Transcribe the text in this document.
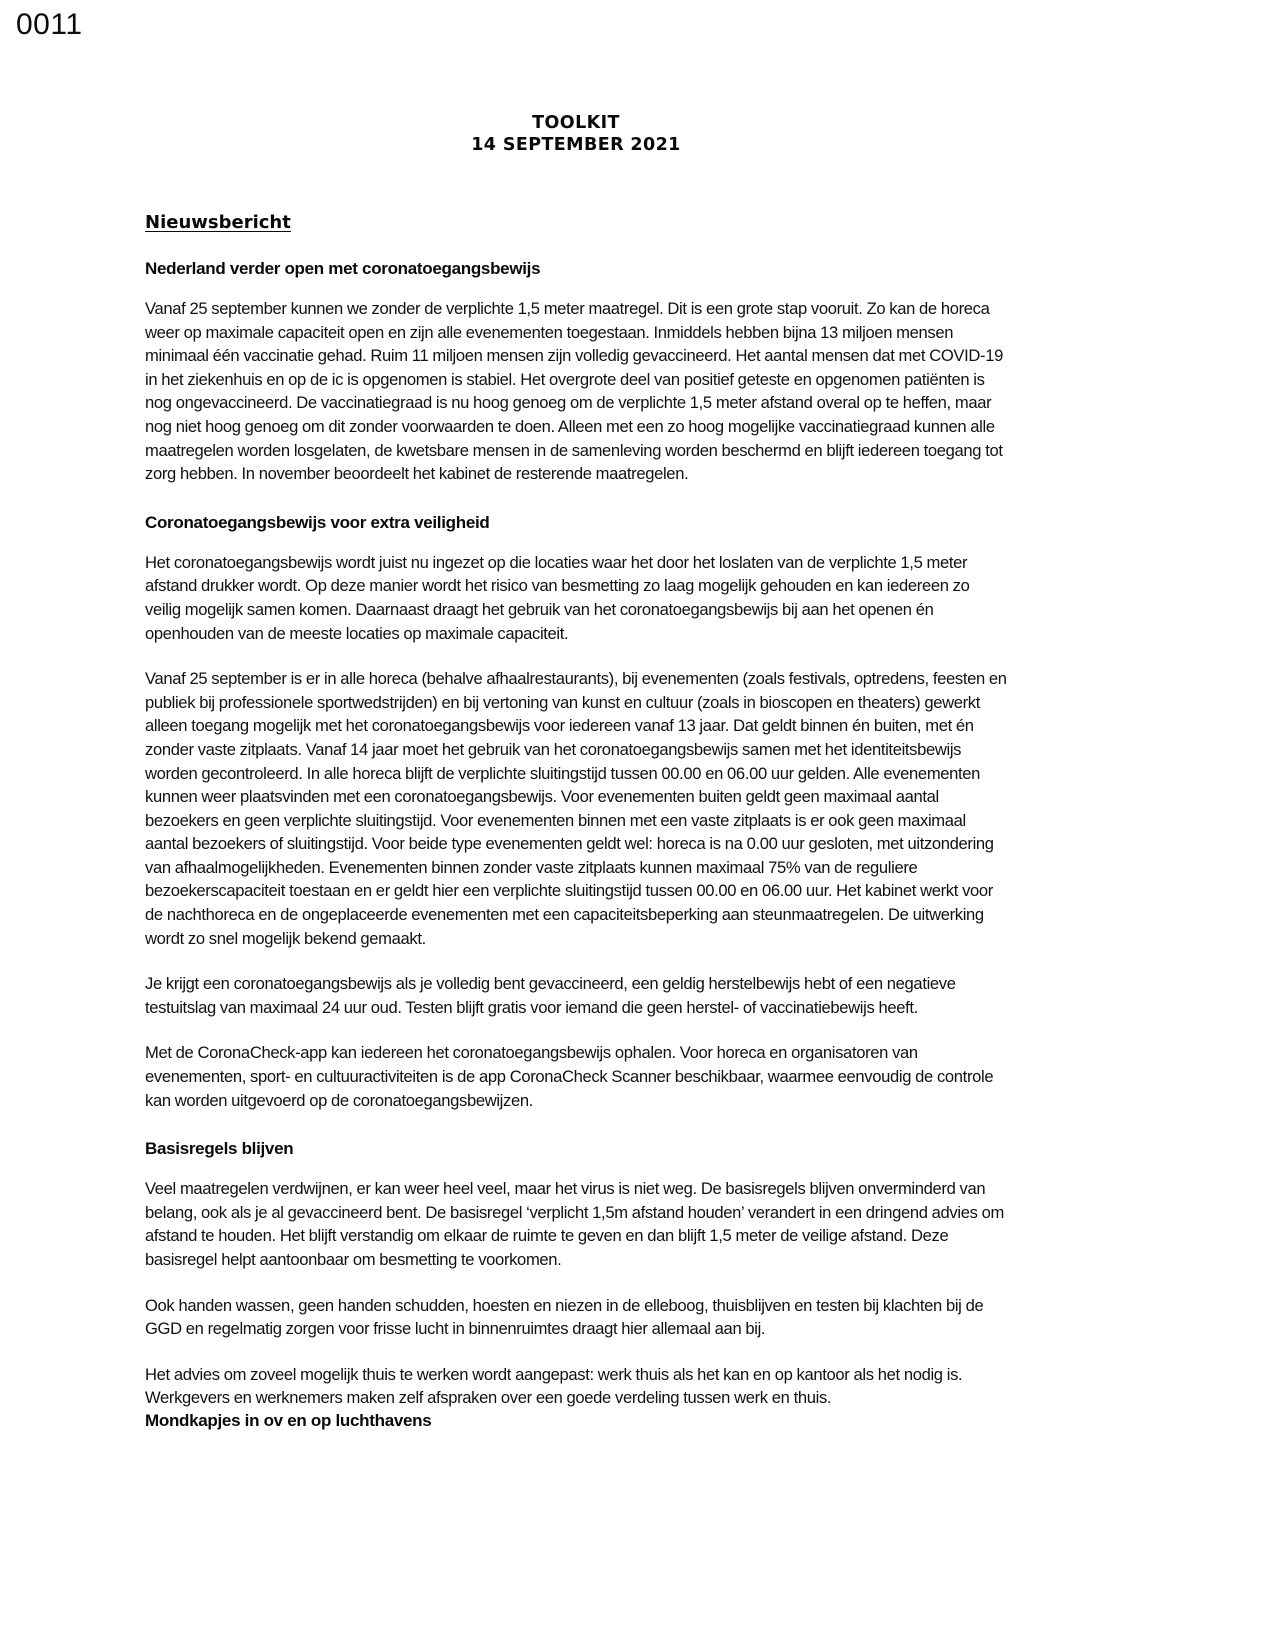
0011
TOOLKIT
14 SEPTEMBER 2021
Nieuwsbericht
Nederland verder open met coronatoegangsbewijs

Vanaf 25 september kunnen we zonder de verplichte 1,5 meter maatregel. Dit is een grote stap vooruit. Zo kan de horeca weer op maximale capaciteit open en zijn alle evenementen toegestaan. Inmiddels hebben bijna 13 miljoen mensen minimaal één vaccinatie gehad. Ruim 11 miljoen mensen zijn volledig gevaccineerd. Het aantal mensen dat met COVID-19 in het ziekenhuis en op de ic is opgenomen is stabiel. Het overgrote deel van positief geteste en opgenomen patiënten is nog ongevaccineerd. De vaccinatiegraad is nu hoog genoeg om de verplichte 1,5 meter afstand overal op te heffen, maar nog niet hoog genoeg om dit zonder voorwaarden te doen. Alleen met een zo hoog mogelijke vaccinatiegraad kunnen alle maatregelen worden losgelaten, de kwetsbare mensen in de samenleving worden beschermd en blijft iedereen toegang tot zorg hebben. In november beoordeelt het kabinet de resterende maatregelen.

Coronatoegangsbewijs voor extra veiligheid

Het coronatoegangsbewijs wordt juist nu ingezet op die locaties waar het door het loslaten van de verplichte 1,5 meter afstand drukker wordt. Op deze manier wordt het risico van besmetting zo laag mogelijk gehouden en kan iedereen zo veilig mogelijk samen komen. Daarnaast draagt het gebruik van het coronatoegangsbewijs bij aan het openen én openhouden van de meeste locaties op maximale capaciteit.

Vanaf 25 september is er in alle horeca (behalve afhaalrestaurants), bij evenementen (zoals festivals, optredens, feesten en publiek bij professionele sportwedstrijden) en bij vertoning van kunst en cultuur (zoals in bioscopen en theaters) gewerkt alleen toegang mogelijk met het coronatoegangsbewijs voor iedereen vanaf 13 jaar. Dat geldt binnen én buiten, met én zonder vaste zitplaats. Vanaf 14 jaar moet het gebruik van het coronatoegangsbewijs samen met het identiteitsbewijs worden gecontroleerd. In alle horeca blijft de verplichte sluitingstijd tussen 00.00 en 06.00 uur gelden. Alle evenementen kunnen weer plaatsvinden met een coronatoegangsbewijs. Voor evenementen buiten geldt geen maximaal aantal bezoekers en geen verplichte sluitingstijd. Voor evenementen binnen met een vaste zitplaats is er ook geen maximaal aantal bezoekers of sluitingstijd. Voor beide type evenementen geldt wel: horeca is na 0.00 uur gesloten, met uitzondering van afhaalmogelijkheden. Evenementen binnen zonder vaste zitplaats kunnen maximaal 75% van de reguliere bezoekerscapaciteit toestaan en er geldt hier een verplichte sluitingstijd tussen 00.00 en 06.00 uur. Het kabinet werkt voor de nachthoreca en de ongeplaceerde evenementen met een capaciteitsbeperking aan steunmaatregelen. De uitwerking wordt zo snel mogelijk bekend gemaakt.

Je krijgt een coronatoegangsbewijs als je volledig bent gevaccineerd, een geldig herstelbewijs hebt of een negatieve testuitslag van maximaal 24 uur oud. Testen blijft gratis voor iemand die geen herstel- of vaccinatiebewijs heeft.

Met de CoronaCheck-app kan iedereen het coronatoegangsbewijs ophalen. Voor horeca en organisatoren van evenementen, sport- en cultuuractiviteiten is de app CoronaCheck Scanner beschikbaar, waarmee eenvoudig de controle kan worden uitgevoerd op de coronatoegangsbewijzen.

Basisregels blijven

Veel maatregelen verdwijnen, er kan weer heel veel, maar het virus is niet weg. De basisregels blijven onverminderd van belang, ook als je al gevaccineerd bent. De basisregel ‘verplicht 1,5m afstand houden’ verandert in een dringend advies om afstand te houden. Het blijft verstandig om elkaar de ruimte te geven en dan blijft 1,5 meter de veilige afstand. Deze basisregel helpt aantoonbaar om besmetting te voorkomen.

Ook handen wassen, geen handen schudden, hoesten en niezen in de elleboog, thuisblijven en testen bij klachten bij de GGD en regelmatig zorgen voor frisse lucht in binnenruimtes draagt hier allemaal aan bij.

Het advies om zoveel mogelijk thuis te werken wordt aangepast: werk thuis als het kan en op kantoor als het nodig is. Werkgevers en werknemers maken zelf afspraken over een goede verdeling tussen werk en thuis.

Mondkapjes in ov en op luchthavens
